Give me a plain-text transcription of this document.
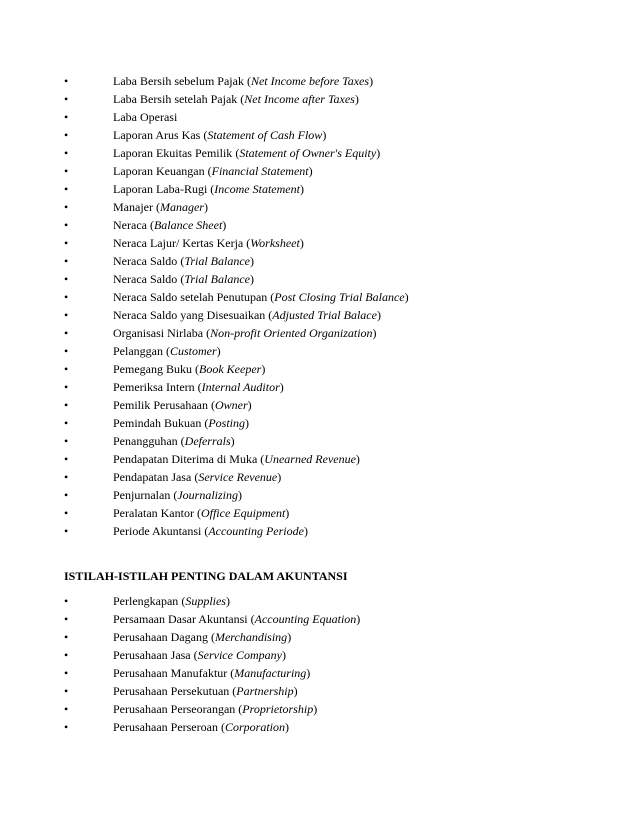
•	Laba Bersih sebelum Pajak (Net Income before Taxes)
•	Laba Bersih setelah Pajak (Net Income after Taxes)
•	Laba Operasi
•	Laporan Arus Kas (Statement of Cash Flow)
•	Laporan Ekuitas Pemilik (Statement of Owner's Equity)
•	Laporan Keuangan (Financial Statement)
•	Laporan Laba-Rugi (Income Statement)
•	Manajer (Manager)
•	Neraca (Balance Sheet)
•	Neraca Lajur/ Kertas Kerja (Worksheet)
•	Neraca Saldo (Trial Balance)
•	Neraca Saldo (Trial Balance)
•	Neraca Saldo setelah Penutupan (Post Closing Trial Balance)
•	Neraca Saldo yang Disesuaikan (Adjusted Trial Balace)
•	Organisasi Nirlaba (Non-profit Oriented Organization)
•	Pelanggan (Customer)
•	Pemegang Buku (Book Keeper)
•	Pemeriksa Intern (Internal Auditor)
•	Pemilik Perusahaan (Owner)
•	Pemindah Bukuan (Posting)
•	Penangguhan (Deferrals)
•	Pendapatan Diterima di Muka (Unearned Revenue)
•	Pendapatan Jasa (Service Revenue)
•	Penjurnalan (Journalizing)
•	Peralatan Kantor (Office Equipment)
•	Periode Akuntansi (Accounting Periode)
ISTILAH-ISTILAH PENTING DALAM AKUNTANSI
•	Perlengkapan (Supplies)
•	Persamaan Dasar Akuntansi (Accounting Equation)
•	Perusahaan Dagang (Merchandising)
•	Perusahaan Jasa (Service Company)
•	Perusahaan Manufaktur (Manufacturing)
•	Perusahaan Persekutuan (Partnership)
•	Perusahaan Perseorangan (Proprietorship)
•	Perusahaan Perseroan (Corporation)
